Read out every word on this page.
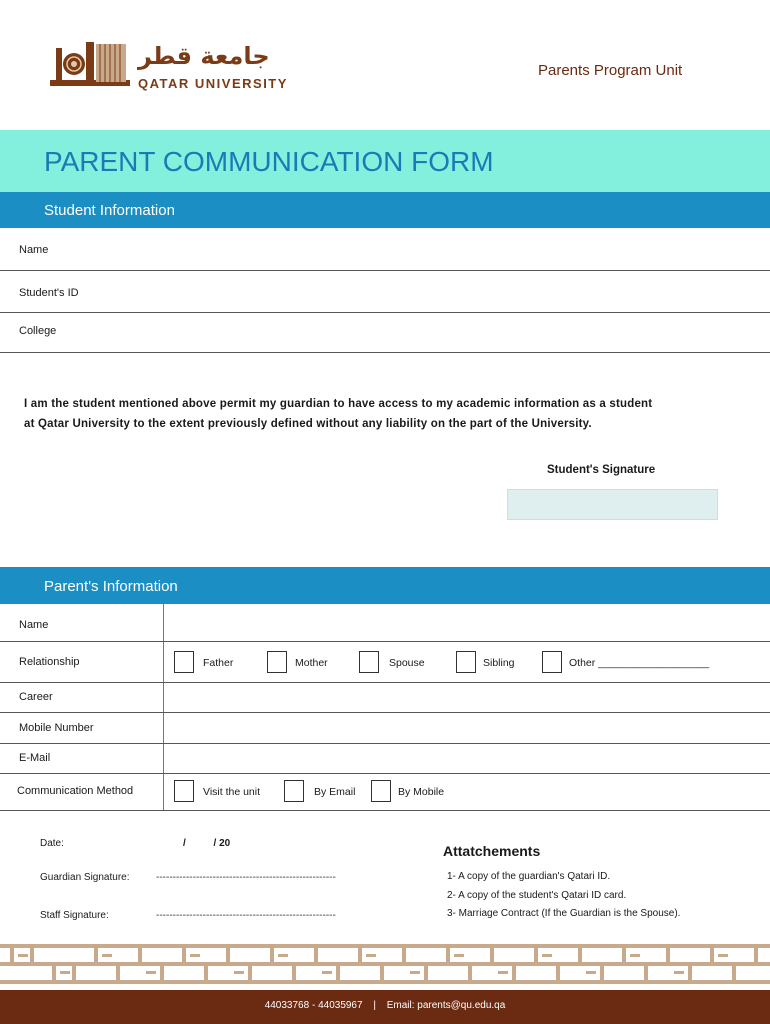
جامعة قطر
QATAR UNIVERSITY
Parents Program Unit
PARENT COMMUNICATION FORM
Student Information
Name
Student's ID
College
I am the student mentioned above permit my guardian to have access to my academic information as a student
at Qatar University to the extent previously defined without any liability on the part of the University.
Student's Signature
Parent's Information
Name
Relationship	Father	Mother	Spouse	Sibling	Other ___________________
Career
Mobile Number
E-Mail
Communication Method	Visit the unit	By Email	By Mobile
Date:	/          / 20
Guardian Signature:	------------------------------------------------------
Staff Signature:	------------------------------------------------------
Attatchements
1- A copy of the guardian's Qatari ID.
2- A copy of the student's Qatari ID card.
3- Marriage Contract (If the Guardian is the Spouse).
44033768 - 44035967 | Email: parents@qu.edu.qa
